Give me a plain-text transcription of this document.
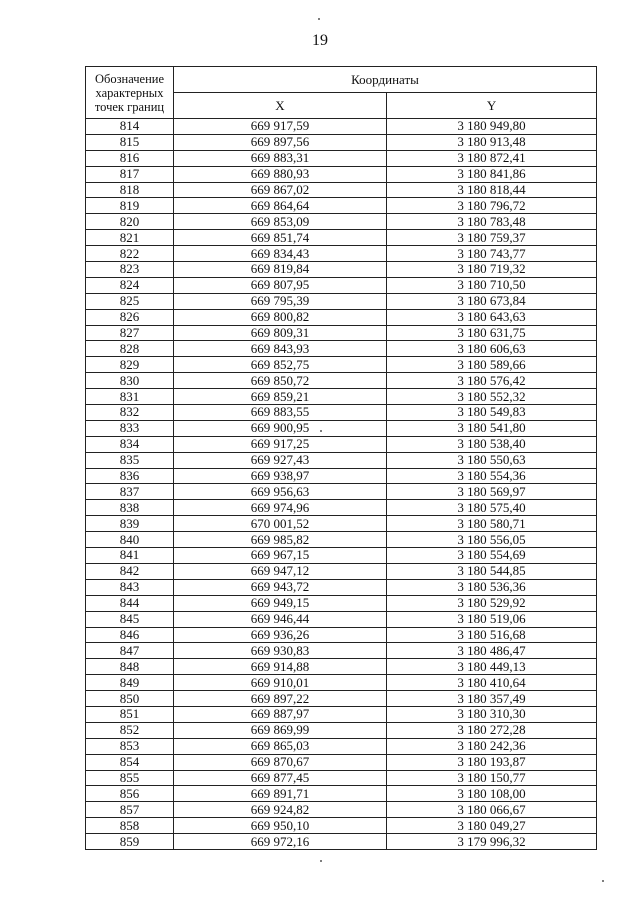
19
Обозначение
характерных
точек границ	Координаты	
	X	Y
814	669 917,59	3 180 949,80
815	669 897,56	3 180 913,48
816	669 883,31	3 180 872,41
817	669 880,93	3 180 841,86
818	669 867,02	3 180 818,44
819	669 864,64	3 180 796,72
820	669 853,09	3 180 783,48
821	669 851,74	3 180 759,37
822	669 834,43	3 180 743,77
823	669 819,84	3 180 719,32
824	669 807,95	3 180 710,50
825	669 795,39	3 180 673,84
826	669 800,82	3 180 643,63
827	669 809,31	3 180 631,75
828	669 843,93	3 180 606,63
829	669 852,75	3 180 589,66
830	669 850,72	3 180 576,42
831	669 859,21	3 180 552,32
832	669 883,55	3 180 549,83
833	669 900,95	3 180 541,80
834	669 917,25	3 180 538,40
835	669 927,43	3 180 550,63
836	669 938,97	3 180 554,36
837	669 956,63	3 180 569,97
838	669 974,96	3 180 575,40
839	670 001,52	3 180 580,71
840	669 985,82	3 180 556,05
841	669 967,15	3 180 554,69
842	669 947,12	3 180 544,85
843	669 943,72	3 180 536,36
844	669 949,15	3 180 529,92
845	669 946,44	3 180 519,06
846	669 936,26	3 180 516,68
847	669 930,83	3 180 486,47
848	669 914,88	3 180 449,13
849	669 910,01	3 180 410,64
850	669 897,22	3 180 357,49
851	669 887,97	3 180 310,30
852	669 869,99	3 180 272,28
853	669 865,03	3 180 242,36
854	669 870,67	3 180 193,87
855	669 877,45	3 180 150,77
856	669 891,71	3 180 108,00
857	669 924,82	3 180 066,67
858	669 950,10	3 180 049,27
859	669 972,16	3 179 996,32
